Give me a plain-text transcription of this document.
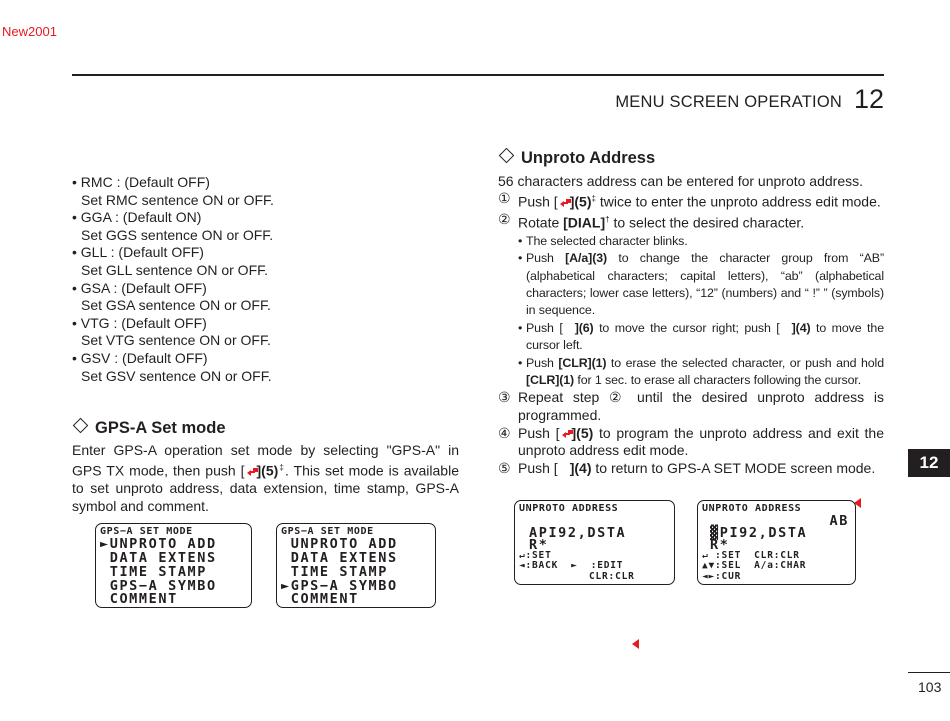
New2001
MENU SCREEN OPERATION 12

• RMC : (Default OFF)

Set RMC sentence ON or OFF.

• GGA : (Default ON)

Set GGS sentence ON or OFF.

• GLL : (Default OFF)

Set GLL sentence ON or OFF.

• GSA : (Default OFF)

Set GSA sentence ON or OFF.

• VTG : (Default OFF)

Set VTG sentence ON or OFF.

• GSV : (Default OFF)

Set GSV sentence ON or OFF.

GPS-A Set mode

Enter GPS-A operation set mode by selecting "GPS-A" in GPS TX mode, then push [ ](5)‡. This set mode is available to set unproto address, data extension, time stamp, GPS-A symbol and comment.

GPS−A SET MODE
►UNPROTO ADD
DATA EXTENS
TIME STAMP
GPS−A SYMBO
COMMENT
GPS−A SET MODE
UNPROTO ADD
DATA EXTENS
TIME STAMP
►GPS−A SYMBO
COMMENT

Unproto Address

56 characters address can be entered for unproto address.

① Push [ ](5)‡ twice to enter the unproto address edit mode.

② Rotate [DIAL]† to select the desired character.

• The selected character blinks.

• Push [A/a](3) to change the character group from “AB” (alphabetical characters; capital letters), “ab” (alphabetical characters; lower case letters), “12” (numbers) and “ !” ” (symbols) in sequence.

• Push [ ](6) to move the cursor right; push [ ](4) to move the cursor left.

• Push [CLR](1) to erase the selected character, or push and hold [CLR](1) for 1 sec. to erase all characters following the cursor.

③ Repeat step ② until the desired unproto address is programmed.

④ Push [ ](5) to program the unproto address and exit the unproto address edit mode.

⑤ Push [ ](4) to return to GPS-A SET MODE screen mode.

UNPROTO ADDRESS
API92,DSTA
R*
↵:SET
◄:BACK  ►  :EDIT
CLR:CLR
UNPROTO ADDRESS
AB
▓PI92,DSTA
R*
↵ :SET  CLR:CLR
▲▼:SEL  A/a:CHAR
◄►:CUR
12
103
